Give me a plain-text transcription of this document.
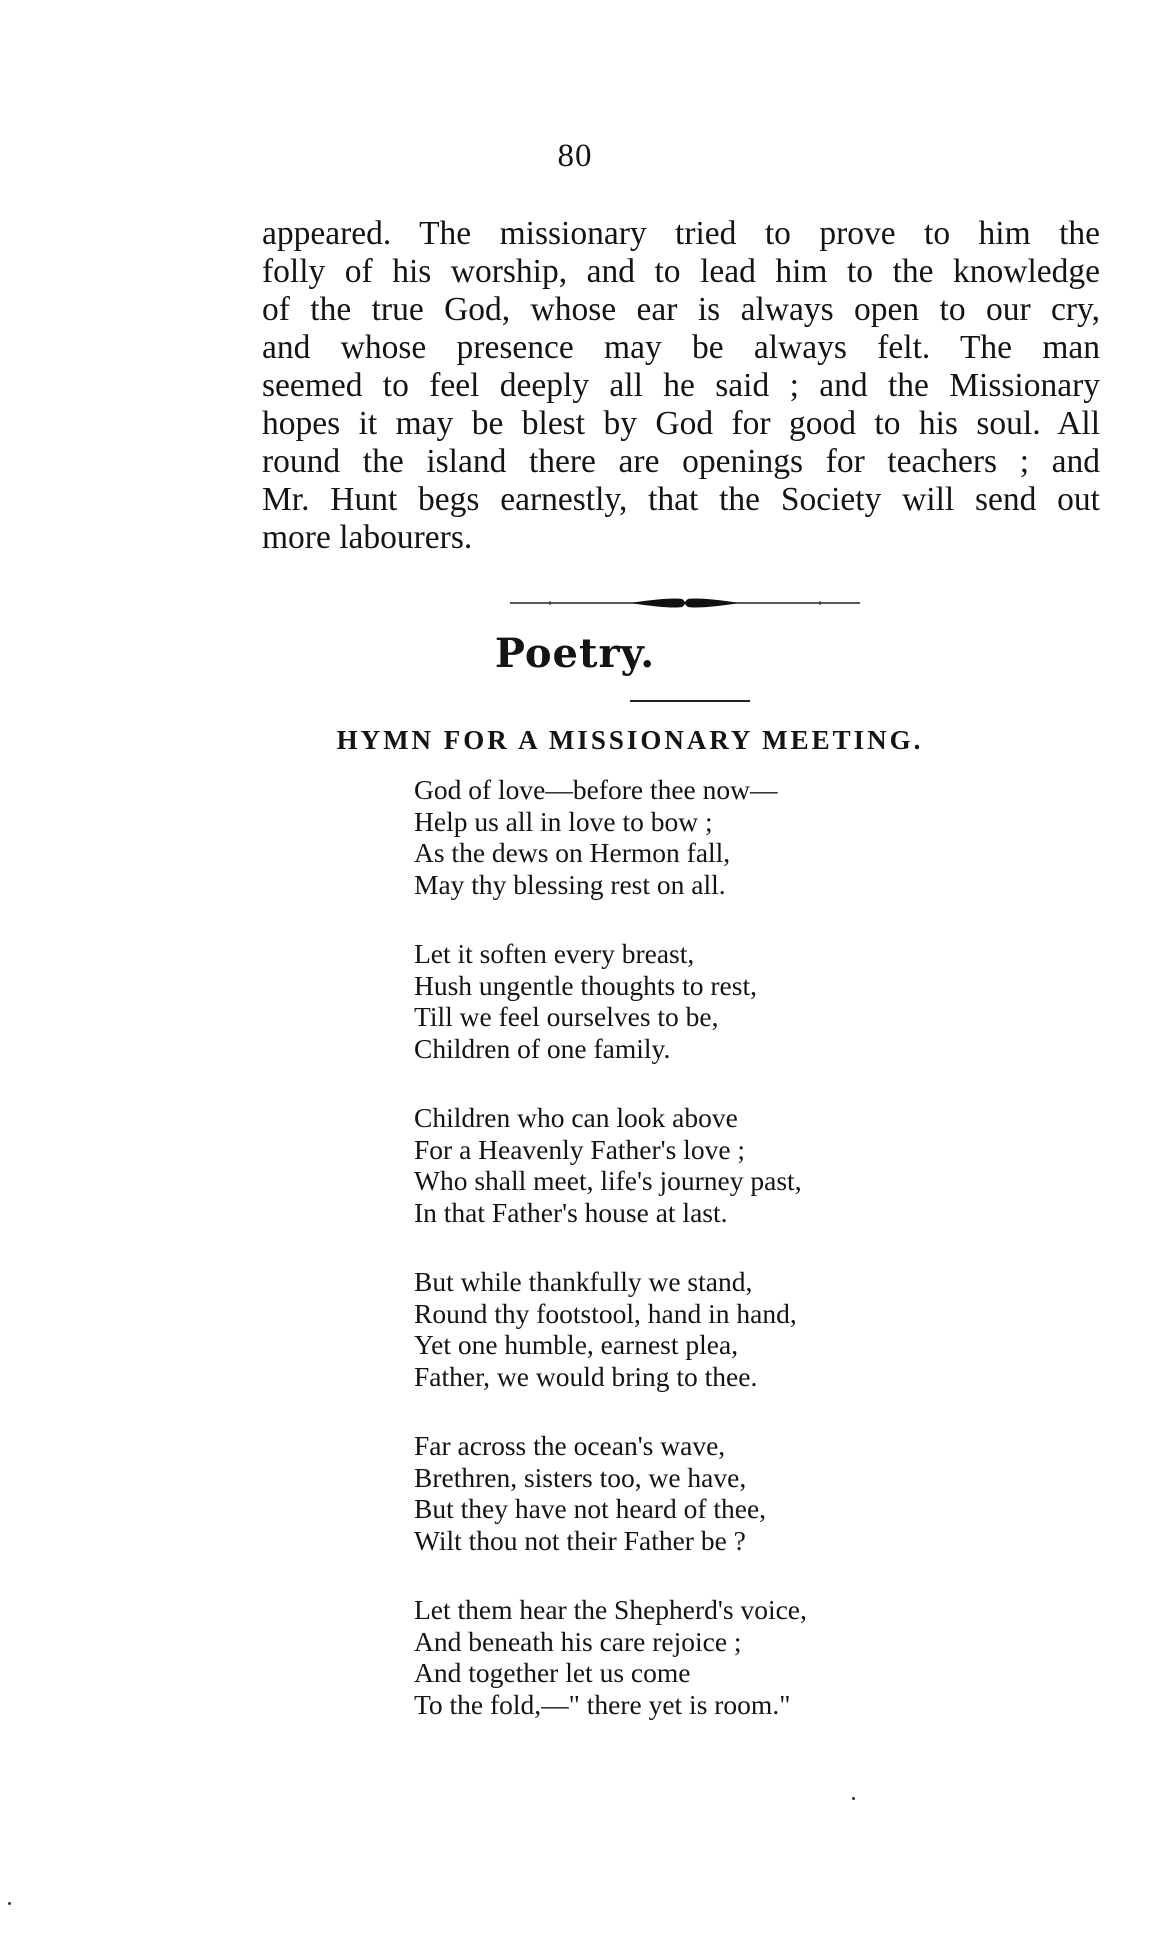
80
appeared. The missionary tried to prove to him the
folly of his worship, and to lead him to the knowledge
of the true God, whose ear is always open to our cry,
and whose presence may be always felt. The man
seemed to feel deeply all he said ; and the Missionary
hopes it may be blest by God for good to his soul. All
round the island there are openings for teachers ; and
Mr. Hunt begs earnestly, that the Society will send out
more labourers.
Poetry.
HYMN FOR A MISSIONARY MEETING.
God of love—before thee now—
Help us all in love to bow ;
As the dews on Hermon fall,
May thy blessing rest on all.
Let it soften every breast,
Hush ungentle thoughts to rest,
Till we feel ourselves to be,
Children of one family.
Children who can look above
For a Heavenly Father's love ;
Who shall meet, life's journey past,
In that Father's house at last.
But while thankfully we stand,
Round thy footstool, hand in hand,
Yet one humble, earnest plea,
Father, we would bring to thee.
Far across the ocean's wave,
Brethren, sisters too, we have,
But they have not heard of thee,
Wilt thou not their Father be ?
Let them hear the Shepherd's voice,
And beneath his care rejoice ;
And together let us come
To the fold,—" there yet is room."
